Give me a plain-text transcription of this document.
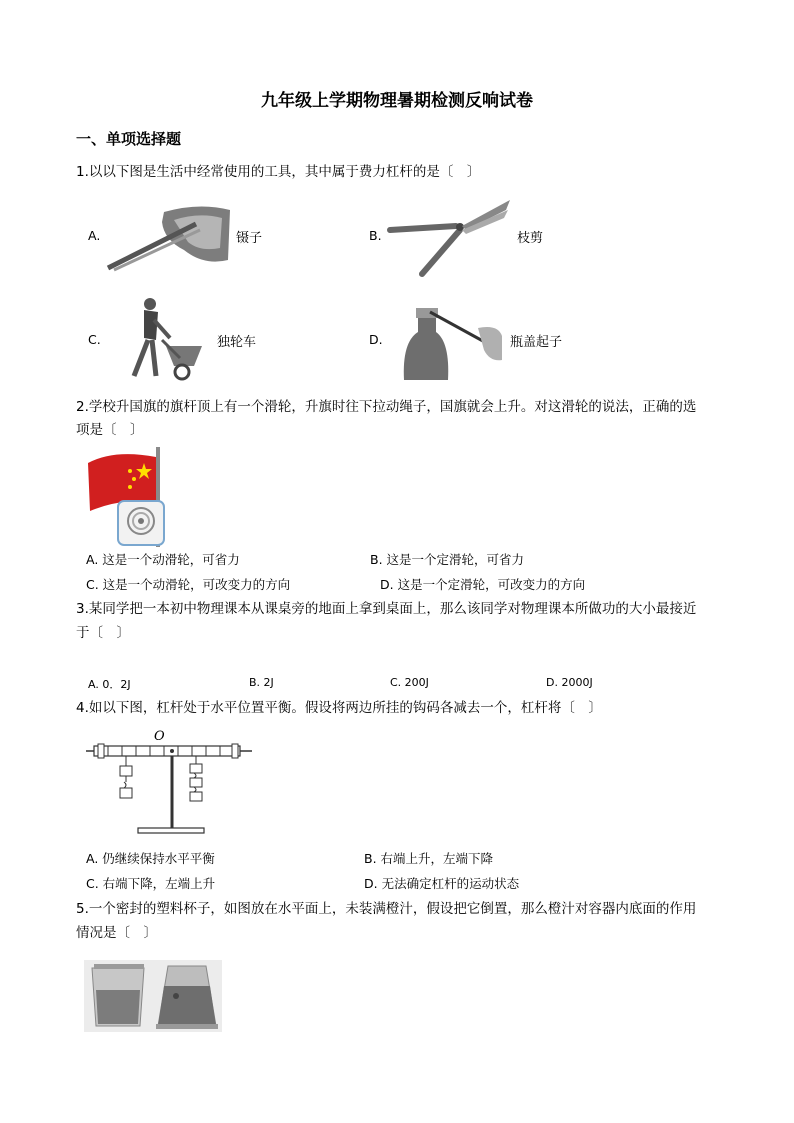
九年级上学期物理暑期检测反响试卷
一、单项选择题
1.以以下图是生活中经常使用的工具，其中属于费力杠杆的是〔　〕
A.	镊子	B.	枝剪
C.	独轮车	D.	瓶盖起子
2.学校升国旗的旗杆顶上有一个滑轮，升旗时往下拉动绳子，国旗就会上升。对这滑轮的说法，正确的选
项是〔　〕
A. 这是一个动滑轮，可省力	B. 这是一个定滑轮，可省力
C. 这是一个动滑轮，可改变力的方向	D. 这是一个定滑轮，可改变力的方向
3.某同学把一本初中物理课本从课桌旁的地面上拿到桌面上，那么该同学对物理课本所做功的大小最接近
于〔　〕
A. 0．2J	B. 2J	C. 200J	D. 2000J
4.如以下图，杠杆处于水平位置平衡。假设将两边所挂的钩码各减去一个，杠杆将〔　〕
O
A. 仍继续保持水平平衡	B. 右端上升，左端下降
C. 右端下降，左端上升	D. 无法确定杠杆的运动状态
5.一个密封的塑料杯子，如图放在水平面上，未装满橙汁，假设把它倒置，那么橙汁对容器内底面的作用
情况是〔　〕
